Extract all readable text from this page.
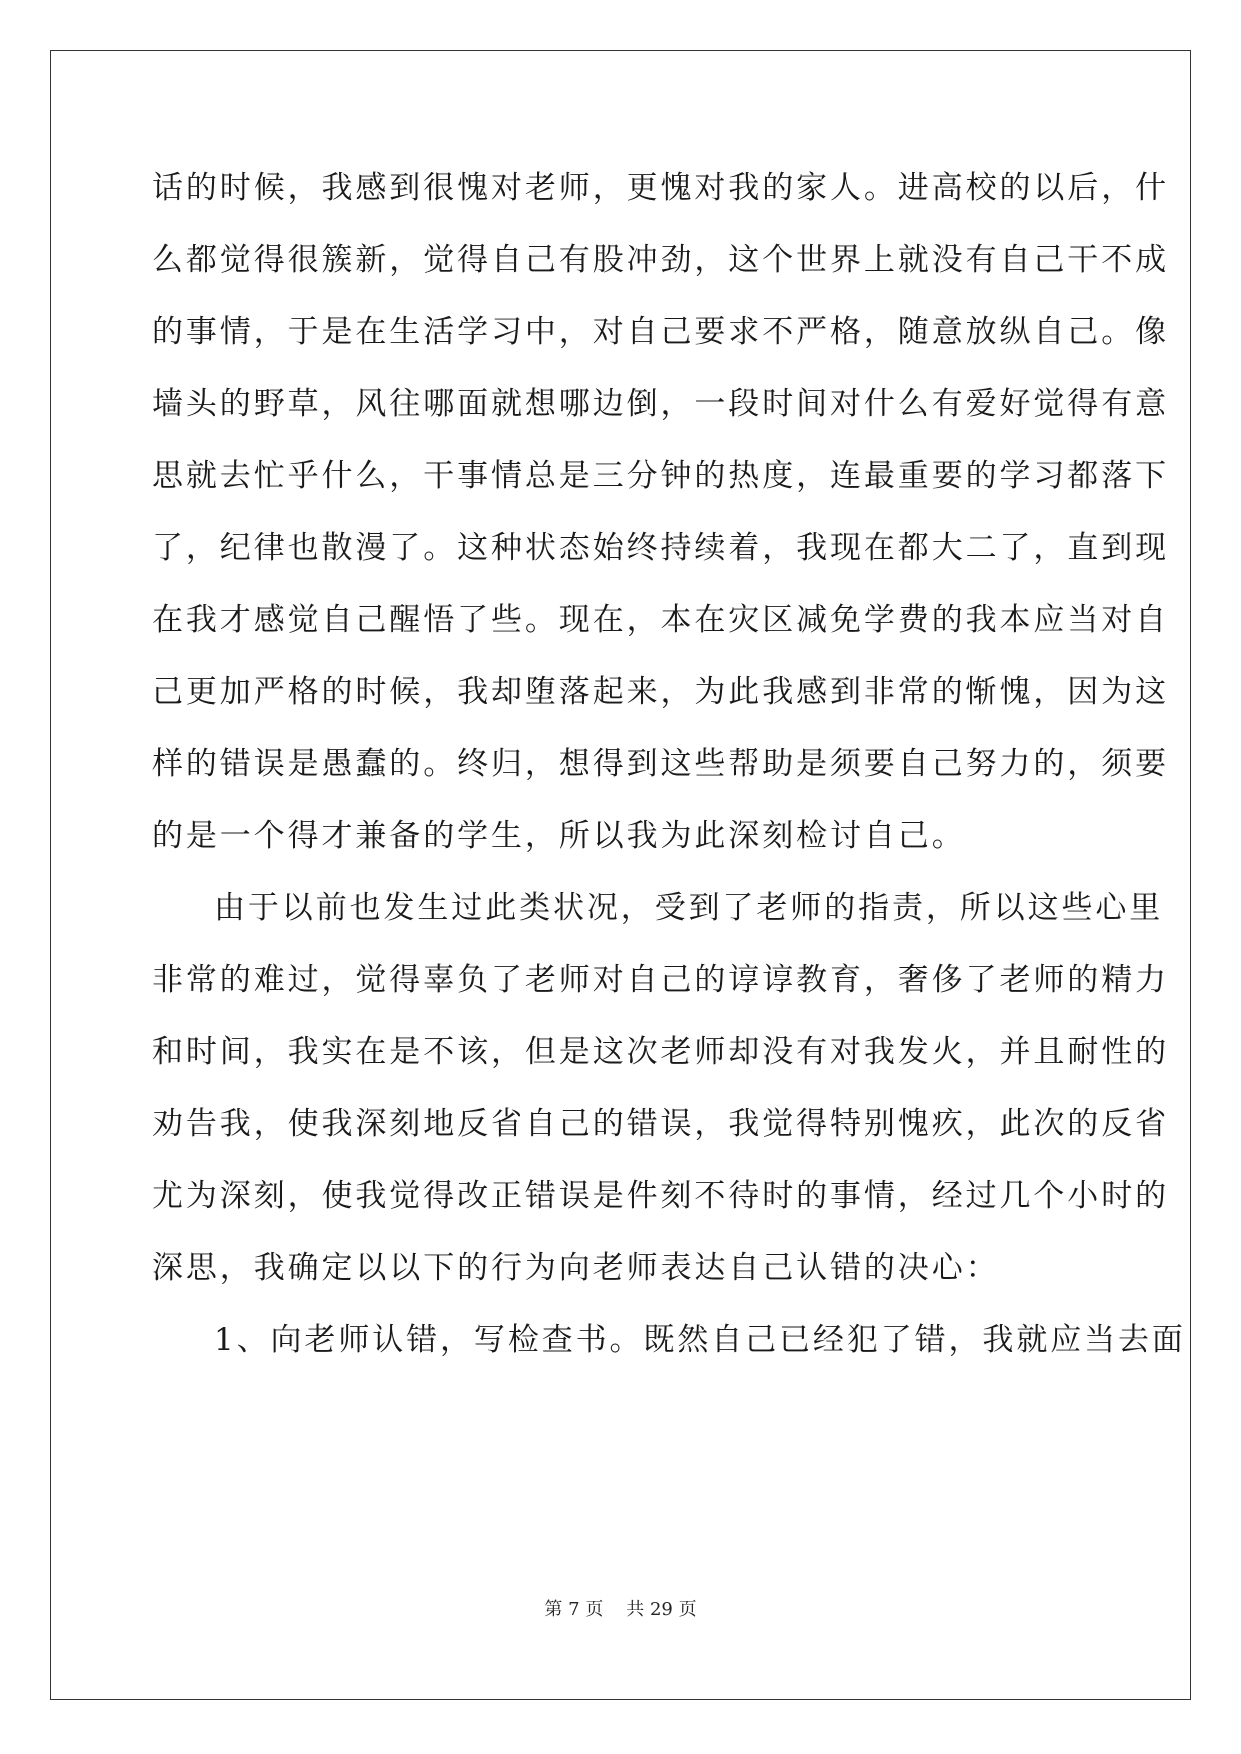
话的时候，我感到很愧对老师，更愧对我的家人。进高校的以后，什
么都觉得很簇新，觉得自己有股冲劲，这个世界上就没有自己干不成
的事情，于是在生活学习中，对自己要求不严格，随意放纵自己。像
墙头的野草，风往哪面就想哪边倒，一段时间对什么有爱好觉得有意
思就去忙乎什么，干事情总是三分钟的热度，连最重要的学习都落下
了，纪律也散漫了。这种状态始终持续着，我现在都大二了，直到现
在我才感觉自己醒悟了些。现在，本在灾区减免学费的我本应当对自
己更加严格的时候，我却堕落起来，为此我感到非常的惭愧，因为这
样的错误是愚蠢的。终归，想得到这些帮助是须要自己努力的，须要
的是一个得才兼备的学生，所以我为此深刻检讨自己。
由于以前也发生过此类状况，受到了老师的指责，所以这些心里
非常的难过，觉得辜负了老师对自己的谆谆教育，奢侈了老师的精力
和时间，我实在是不该，但是这次老师却没有对我发火，并且耐性的
劝告我，使我深刻地反省自己的错误，我觉得特别愧疚，此次的反省
尤为深刻，使我觉得改正错误是件刻不待时的事情，经过几个小时的
深思，我确定以以下的行为向老师表达自己认错的决心：
1、向老师认错，写检查书。既然自己已经犯了错，我就应当去面
第 7 页 共 29 页
